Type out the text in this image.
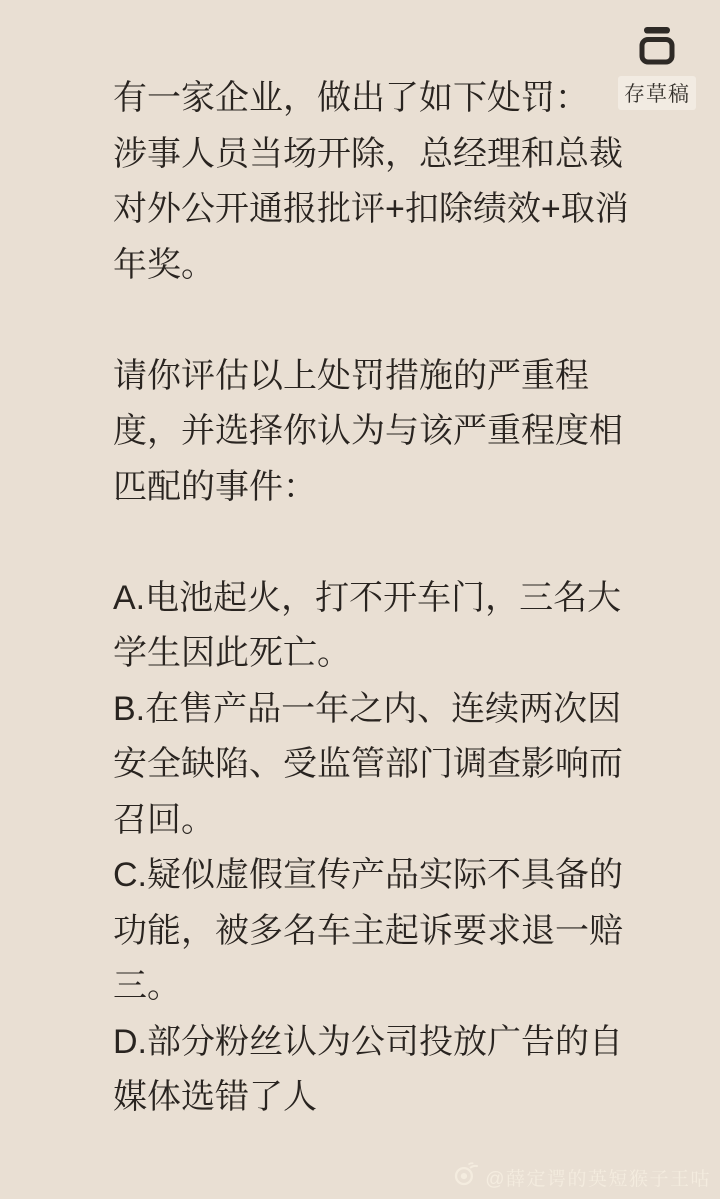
存草稿
有一家企业，做出了如下处罚：
涉事人员当场开除，总经理和总裁
对外公开通报批评+扣除绩效+取消
年奖。
请你评估以上处罚措施的严重程
度，并选择你认为与该严重程度相
匹配的事件：
A.电池起火，打不开车门，三名大
学生因此死亡。
B.在售产品一年之内、连续两次因
安全缺陷、受监管部门调查影响而
召回。
C.疑似虚假宣传产品实际不具备的
功能，被多名车主起诉要求退一赔
三。
D.部分粉丝认为公司投放广告的自
媒体选错了人
@薛定谔的英短猴子王咕
